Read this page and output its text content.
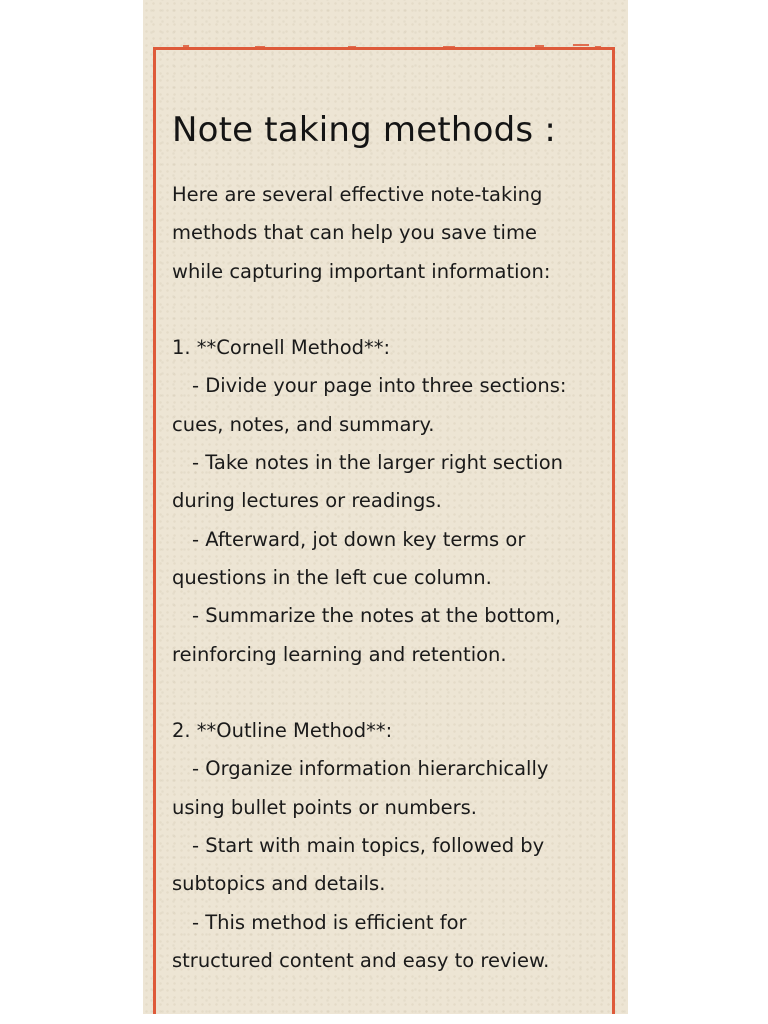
Note taking methods :
Here are several effective note-taking
methods that can help you save time
while capturing important information:
1. **Cornell Method**:
- Divide your page into three sections:
cues, notes, and summary.
- Take notes in the larger right section
during lectures or readings.
- Afterward, jot down key terms or
questions in the left cue column.
- Summarize the notes at the bottom,
reinforcing learning and retention.
2. **Outline Method**:
- Organize information hierarchically
using bullet points or numbers.
- Start with main topics, followed by
subtopics and details.
- This method is efficient for
structured content and easy to review.
